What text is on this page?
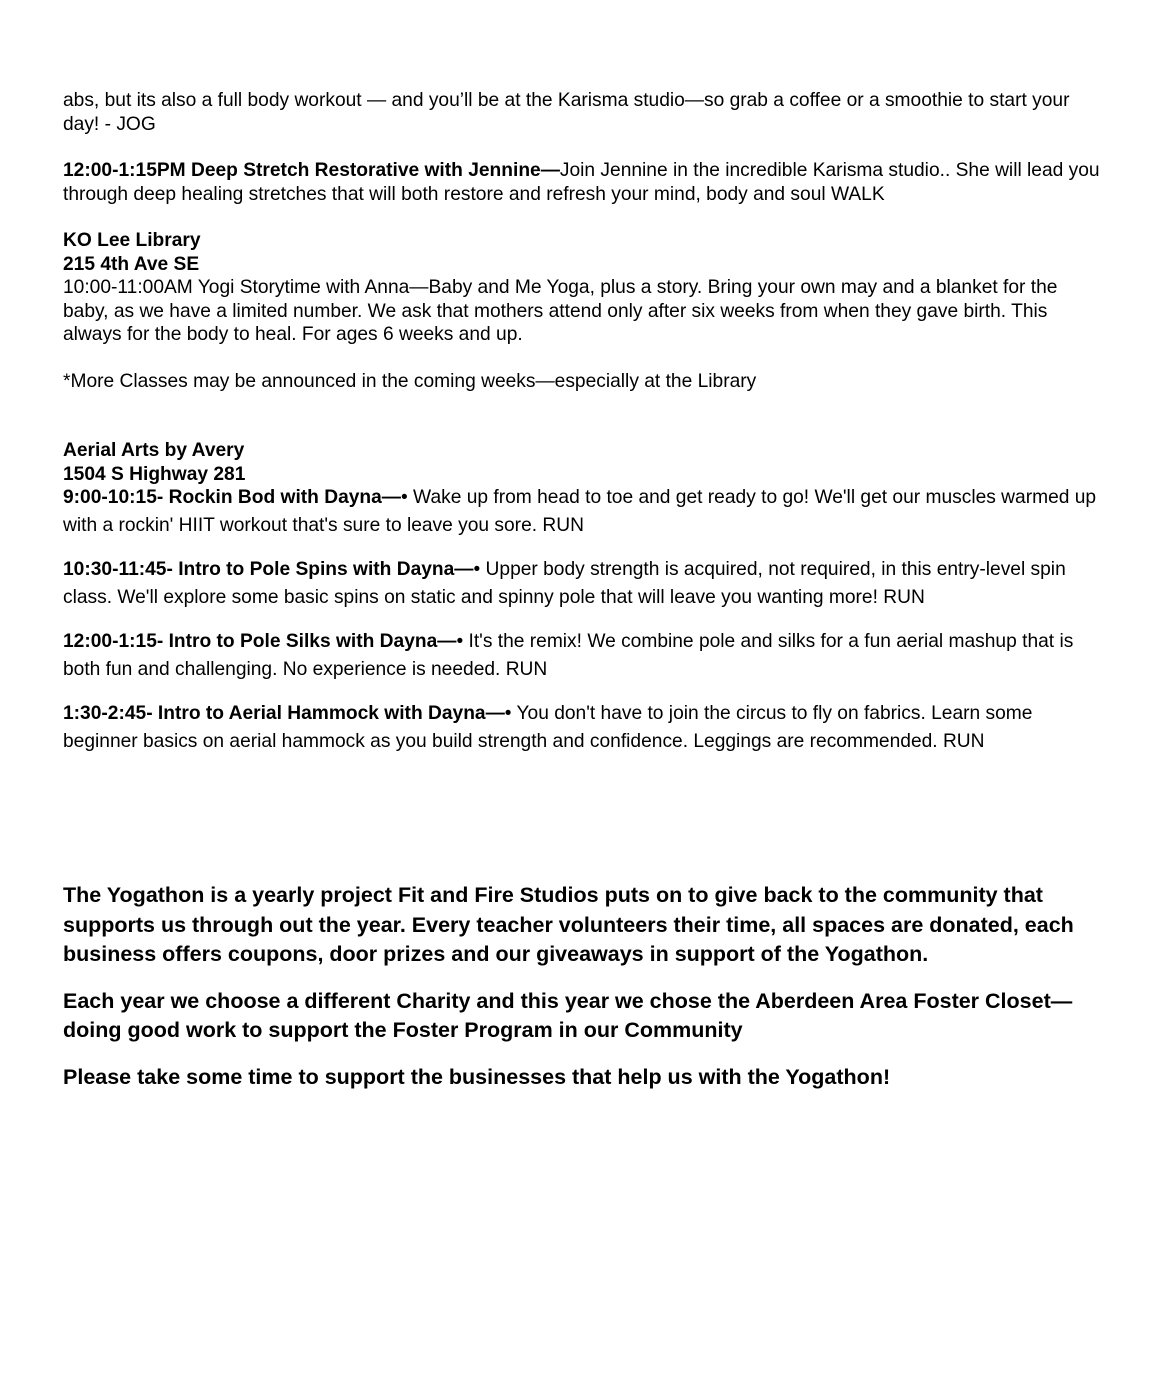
abs, but its also a full body workout — and you’ll be at the Karisma studio—so grab a coffee or a smoothie to start your day! - JOG

12:00-1:15PM Deep Stretch Restorative with Jennine—Join Jennine in the incredible Karisma studio.. She will lead you through deep healing stretches that will both restore and refresh your mind, body and soul WALK

KO Lee Library

215 4th Ave SE

10:00-11:00AM Yogi Storytime with Anna—Baby and Me Yoga, plus a story. Bring your own may and a blanket for the baby, as we have a limited number. We ask that mothers attend only after six weeks from when they gave birth. This always for the body to heal. For ages 6 weeks and up.

*More Classes may be announced in the coming weeks—especially at the Library

Aerial Arts by Avery

1504 S Highway 281

9:00-10:15- Rockin Bod with Dayna—• Wake up from head to toe and get ready to go! We'll get our muscles warmed up with a rockin' HIIT workout that's sure to leave you sore. RUN

10:30-11:45- Intro to Pole Spins with Dayna—• Upper body strength is acquired, not required, in this entry-level spin class. We'll explore some basic spins on static and spinny pole that will leave you wanting more! RUN

12:00-1:15- Intro to Pole Silks with Dayna—• It's the remix! We combine pole and silks for a fun aerial mashup that is both fun and challenging. No experience is needed. RUN

1:30-2:45- Intro to Aerial Hammock with Dayna—• You don't have to join the circus to fly on fabrics. Learn some beginner basics on aerial hammock as you build strength and confidence. Leggings are recommended. RUN

The Yogathon is a yearly project Fit and Fire Studios puts on to give back to the community that supports us through out the year. Every teacher volunteers their time, all spaces are donated, each business offers coupons, door prizes and our giveaways in support of the Yogathon.

Each year we choose a different Charity and this year we chose the Aberdeen Area Foster Closet—doing good work to support the Foster Program in our Community

Please take some time to support the businesses that help us with the Yogathon!
